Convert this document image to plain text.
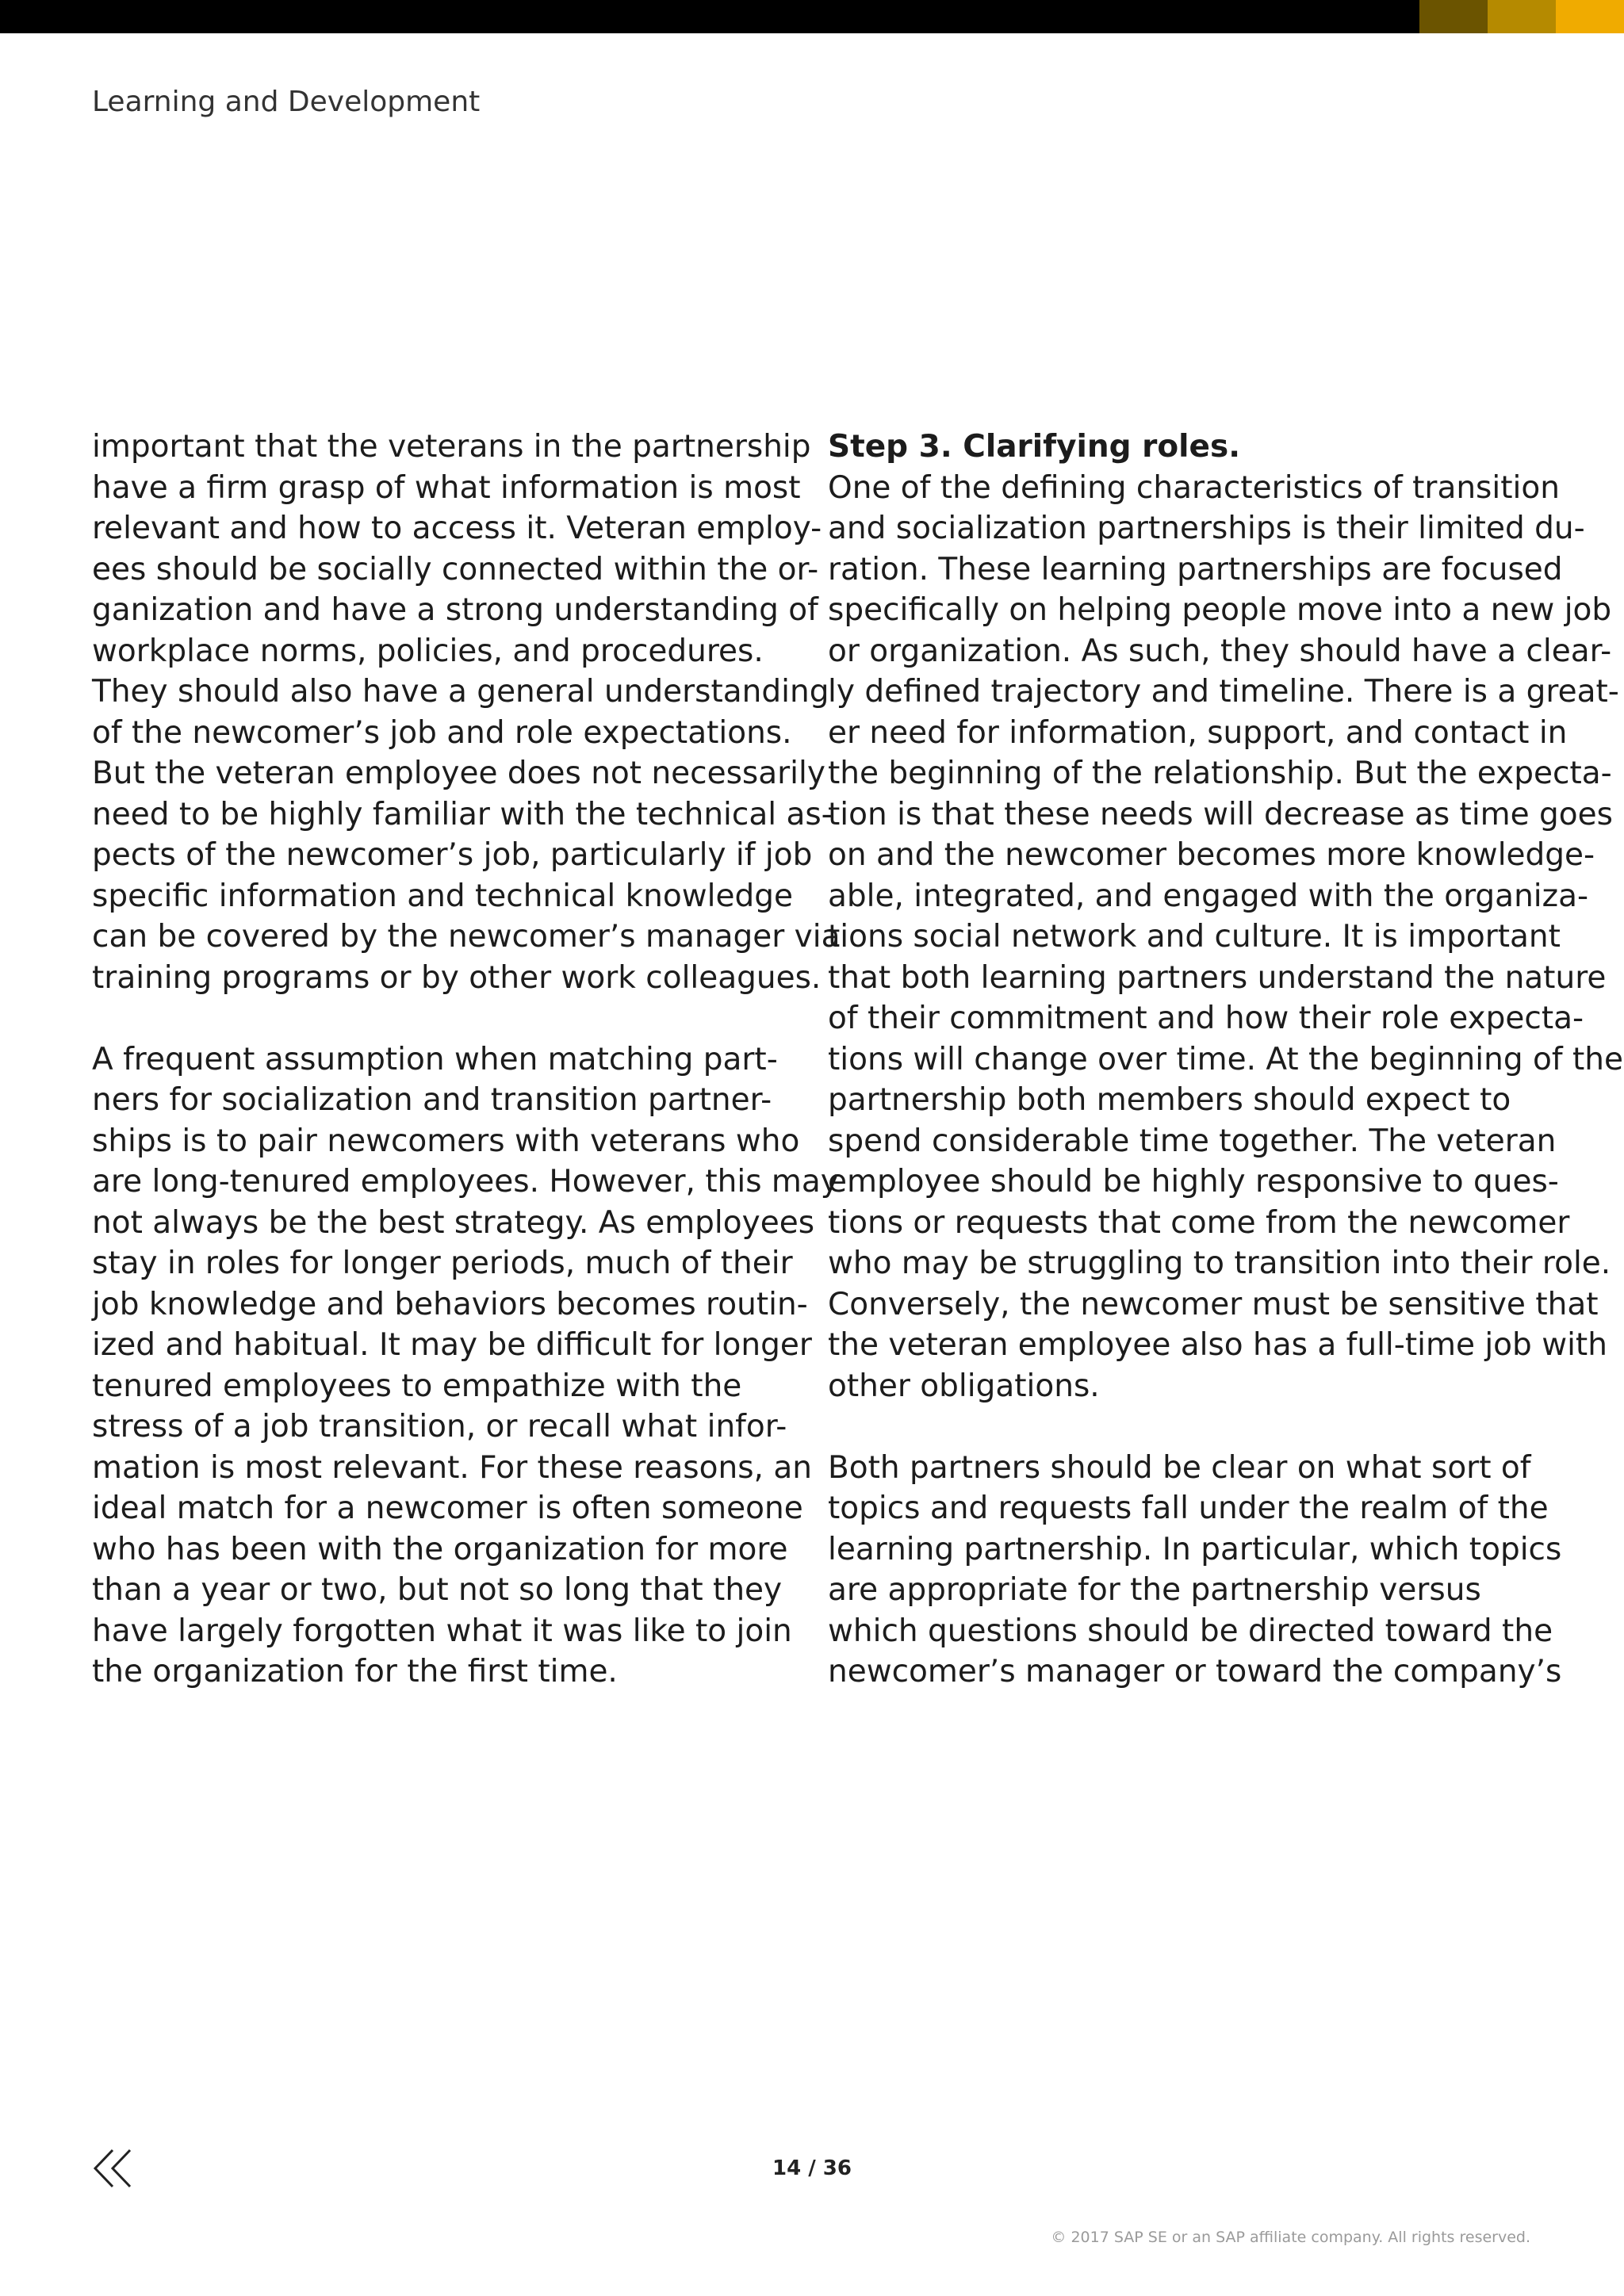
Learning and Development
important that the veterans in the partnership
have a firm grasp of what information is most
relevant and how to access it. Veteran employ-
ees should be socially connected within the or-
ganization and have a strong understanding of
workplace norms, policies, and procedures.
They should also have a general understanding
of the newcomer’s job and role expectations.
But the veteran employee does not necessarily
need to be highly familiar with the technical as-
pects of the newcomer’s job, particularly if job
specific information and technical knowledge
can be covered by the newcomer’s manager via
training programs or by other work colleagues.
A frequent assumption when matching part-
ners for socialization and transition partner-
ships is to pair newcomers with veterans who
are long-tenured employees. However, this may
not always be the best strategy. As employees
stay in roles for longer periods, much of their
job knowledge and behaviors becomes routin-
ized and habitual. It may be difficult for longer
tenured employees to empathize with the
stress of a job transition, or recall what infor-
mation is most relevant. For these reasons, an
ideal match for a newcomer is often someone
who has been with the organization for more
than a year or two, but not so long that they
have largely forgotten what it was like to join
the organization for the first time.
Step 3. Clarifying roles.
One of the defining characteristics of transition
and socialization partnerships is their limited du-
ration. These learning partnerships are focused
specifically on helping people move into a new job
or organization. As such, they should have a clear-
ly defined trajectory and timeline. There is a great-
er need for information, support, and contact in
the beginning of the relationship. But the expecta-
tion is that these needs will decrease as time goes
on and the newcomer becomes more knowledge-
able, integrated, and engaged with the organiza-
tions social network and culture. It is important
that both learning partners understand the nature
of their commitment and how their role expecta-
tions will change over time. At the beginning of the
partnership both members should expect to
spend considerable time together. The veteran
employee should be highly responsive to ques-
tions or requests that come from the newcomer
who may be struggling to transition into their role.
Conversely, the newcomer must be sensitive that
the veteran employee also has a full-time job with
other obligations.
Both partners should be clear on what sort of
topics and requests fall under the realm of the
learning partnership. In particular, which topics
are appropriate for the partnership versus
which questions should be directed toward the
newcomer’s manager or toward the company’s
14 / 36
© 2017 SAP SE or an SAP affiliate company. All rights reserved.
